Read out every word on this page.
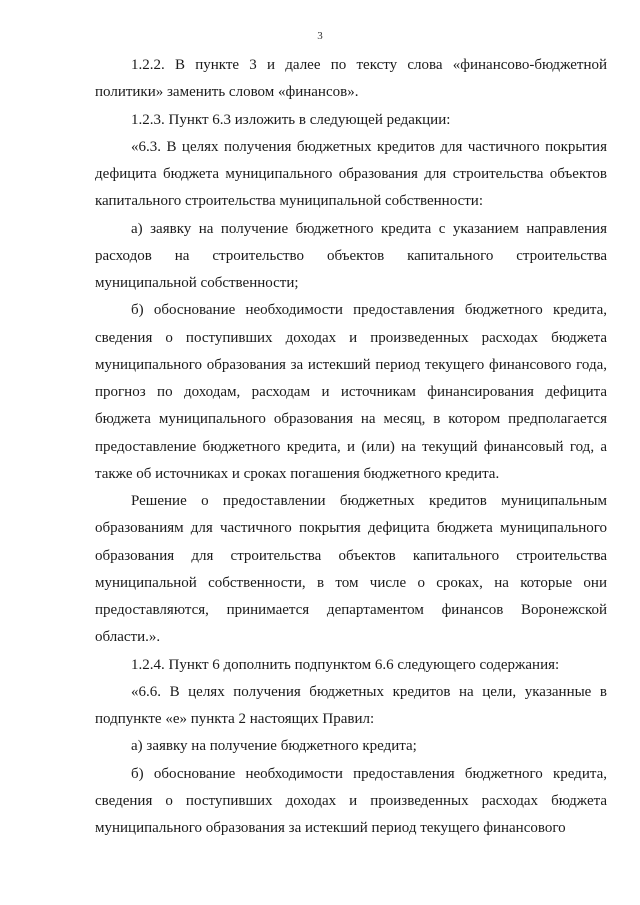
3

1.2.2. В пункте 3 и далее по тексту слова «финансово-бюджетной политики» заменить словом «финансов».

1.2.3. Пункт 6.3 изложить в следующей редакции:

«6.3. В целях получения бюджетных кредитов для частичного покрытия дефицита бюджета муниципального образования для строительства объектов капитального строительства муниципальной собственности:

а) заявку на получение бюджетного кредита с указанием направления расходов на строительство объектов капитального строительства муниципальной собственности;

б) обоснование необходимости предоставления бюджетного кредита, сведения о поступивших доходах и произведенных расходах бюджета муниципального образования за истекший период текущего финансового года, прогноз по доходам, расходам и источникам финансирования дефицита бюджета муниципального образования на месяц, в котором предполагается предоставление бюджетного кредита, и (или) на текущий финансовый год, а также об источниках и сроках погашения бюджетного кредита.

Решение о предоставлении бюджетных кредитов муниципальным образованиям для частичного покрытия дефицита бюджета муниципального образования для строительства объектов капитального строительства муниципальной собственности, в том числе о сроках, на которые они предоставляются, принимается департаментом финансов Воронежской области.».

1.2.4. Пункт 6 дополнить подпунктом 6.6 следующего содержания:

«6.6. В целях получения бюджетных кредитов на цели, указанные в подпункте «е» пункта 2 настоящих Правил:

а) заявку на получение бюджетного кредита;

б) обоснование необходимости предоставления бюджетного кредита, сведения о поступивших доходах и произведенных расходах бюджета муниципального образования за истекший период текущего финансового
